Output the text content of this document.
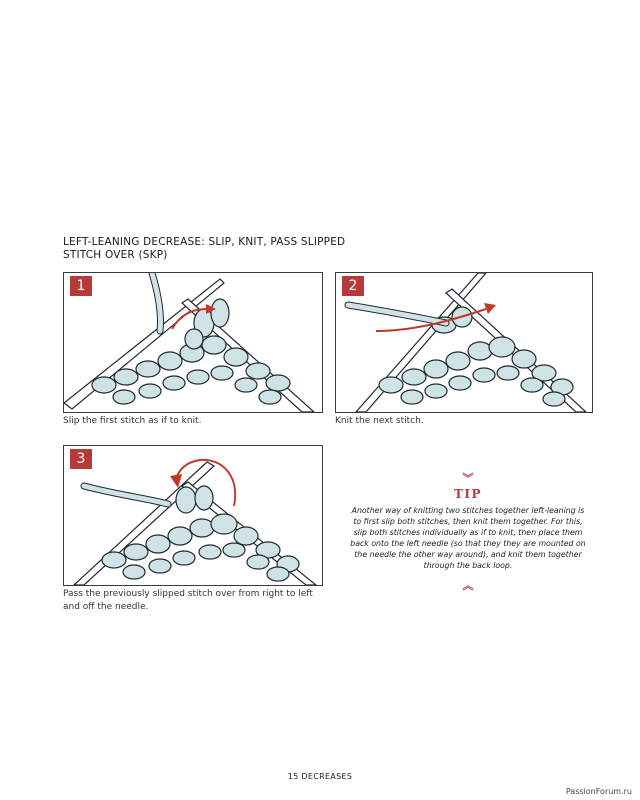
LEFT-LEANING DECREASE: SLIP, KNIT, PASS SLIPPED STITCH OVER (SKP)
1
Slip the first stitch as if to knit.
2
Knit the next stitch.
3
Pass the previously slipped stitch over from right to left and off the needle.
︾
TIP
Another way of knitting two stitches together left-leaning is to first slip both stitches, then knit them together. For this, slip both stitches individually as if to knit, then place them back onto the left needle (so that they they are mounted on the needle the other way around), and knit them together through the back loop.
︽
15 DECREASES
PassionForum.ru
